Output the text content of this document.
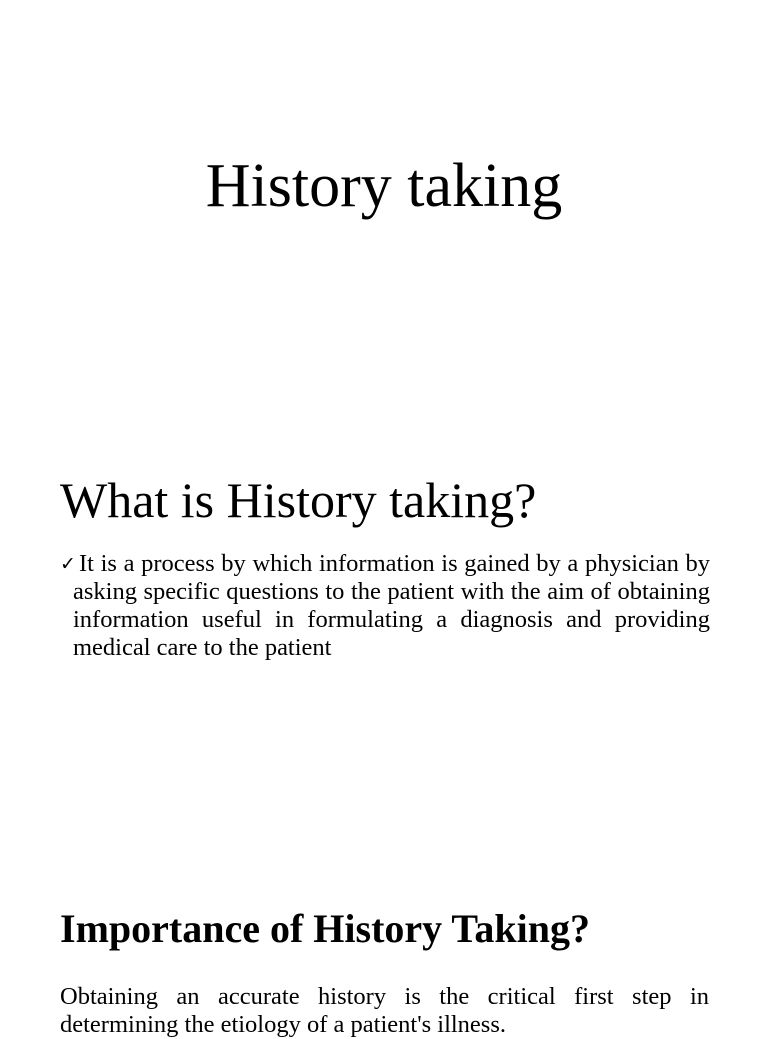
History taking
What is History taking?
✓ It is a process by which information is gained by a physician by asking specific questions to the patient with the aim of obtaining information useful in formulating a diagnosis and providing medical care to the patient

Importance of History Taking?

Obtaining an accurate history is the critical first step in determining the etiology of a patient's illness.
